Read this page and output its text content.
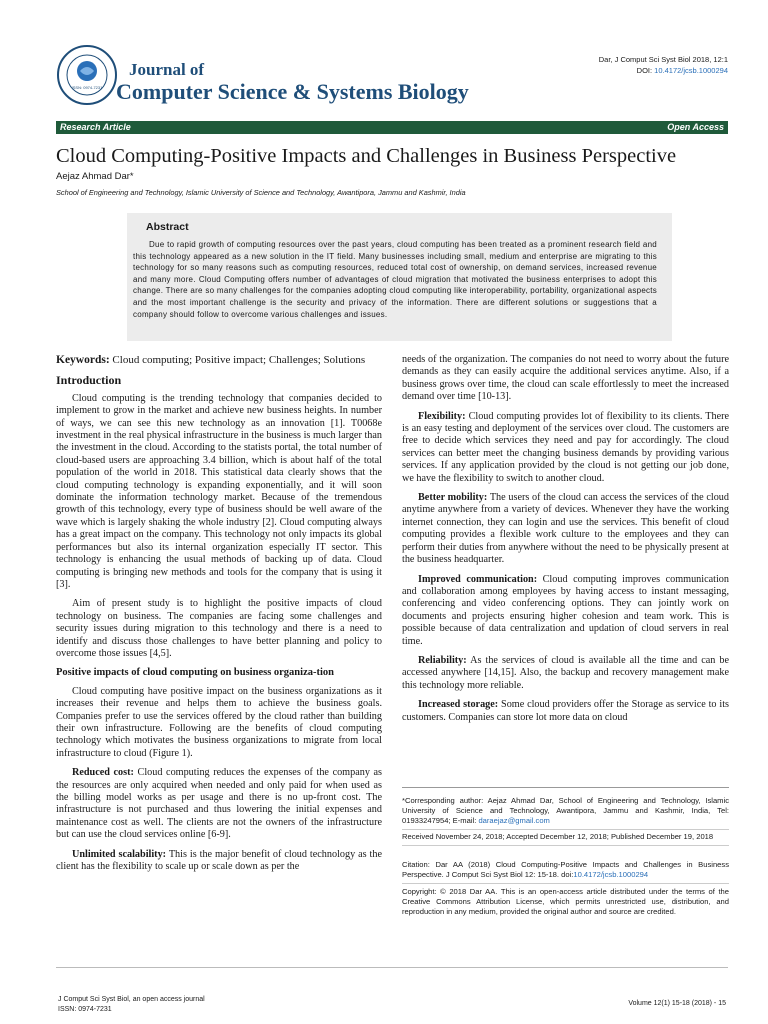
ISSN: 0974-7231
Journal of
Computer Science & Systems Biology
Dar, J Comput Sci Syst Biol 2018, 12:1
DOI: 10.4172/jcsb.1000294
Research Article	Open Access
Cloud Computing-Positive Impacts and Challenges in Business Perspective
Aejaz Ahmad Dar*
School of Engineering and Technology, Islamic University of Science and Technology, Awantipora, Jammu and Kashmir, India
Abstract
Due to rapid growth of computing resources over the past years, cloud computing has been treated as a prominent research field and this technology appeared as a new solution in the IT field. Many businesses including small, medium and enterprise are migrating to this technology for so many reasons such as computing resources, reduced total cost of ownership, on demand services, increased revenue and many more. Cloud Computing offers number of advantages of cloud migration that motivated the business enterprises to adopt this change. There are so many challenges for the companies adopting cloud computing like interoperability, portability, organizational aspects and the most important challenge is the security and privacy of the information. There are different solutions or suggestions that a company should follow to overcome various challenges and issues.
Keywords: Cloud computing; Positive impact; Challenges; Solutions
Introduction

Cloud computing is the trending technology that companies decided to implement to grow in the market and achieve new business heights. In number of ways, we can see this new technology as an innovation [1]. T0068e investment in the real physical infrastructure in the business is much larger than the investment in the cloud. According to the statists portal, the total number of cloud-based users are approaching 3.4 billion, which is about half of the total population of the world in 2018. This statistical data clearly shows that the cloud computing technology is expanding exponentially, and it will soon dominate the information technology market. Because of the tremendous growth of this technology, every type of business should be well aware of the wave which is largely shaking the whole industry [2]. Cloud computing always has a great impact on the company. This technology not only impacts its global performances but also its internal organization especially IT sector. This technology is enhancing the usual methods of backing up of data. Cloud computing is bringing new methods and tools for the company that is using it [3].

Aim of present study is to highlight the positive impacts of cloud technology on business. The companies are facing some challenges and security issues during migration to this technology and there is a need to identify and discuss those challenges to have better planning and policy to overcome those issues [4,5].

Positive impacts of cloud computing on business organiza-tion

Cloud computing have positive impact on the business organizations as it increases their revenue and helps them to achieve the business goals. Companies prefer to use the services offered by the cloud rather than building their own infrastructure. Following are the benefits of cloud computing technology which motivates the business organizations to migrate from local infrastructure to cloud (Figure 1).

Reduced cost: Cloud computing reduces the expenses of the company as the resources are only acquired when needed and only paid for when used as the billing model works as per usage and there is no up-front cost. The infrastructure is not purchased and thus lowering the initial expenses and maintenance cost as well. The clients are not the owners of the infrastructure but can use the cloud services online [6-9].

Unlimited scalability: This is the major benefit of cloud technology as the client has the flexibility to scale up or scale down as per the

needs of the organization. The companies do not need to worry about the future demands as they can easily acquire the additional services anytime. Also, if a business grows over time, the cloud can scale effortlessly to meet the increased demand over time [10-13].

Flexibility: Cloud computing provides lot of flexibility to its clients. There is an easy testing and deployment of the services over cloud. The customers are free to decide which services they need and pay for accordingly. The cloud services can better meet the changing business demands by providing various services. If any application provided by the cloud is not getting our job done, we have the flexibility to switch to another cloud.

Better mobility: The users of the cloud can access the services of the cloud anytime anywhere from a variety of devices. Whenever they have the working internet connection, they can login and use the services. This benefit of cloud computing provides a flexible work culture to the employees and they can perform their duties from anywhere without the need to be physically present at the business headquarter.

Improved communication: Cloud computing improves communication and collaboration among employees by having access to instant messaging, conferencing and video conferencing options. They can jointly work on documents and projects ensuring higher cohesion and team work. This is possible because of data centralization and updation of cloud servers in real time.

Reliability: As the services of cloud is available all the time and can be accessed anywhere [14,15]. Also, the backup and recovery management make this technology more reliable.

Increased storage: Some cloud providers offer the Storage as service to its customers. Companies can store lot more data on cloud

*Corresponding author: Aejaz Ahmad Dar, School of Engineering and Technology, Islamic University of Science and Technology, Awantipora, Jammu and Kashmir, India, Tel: 01933247954; E-mail: daraejaz@gmail.com
Received November 24, 2018; Accepted December 12, 2018; Published December 19, 2018
Citation: Dar AA (2018) Cloud Computing-Positive Impacts and Challenges in Business Perspective. J Comput Sci Syst Biol 12: 15-18. doi:10.4172/jcsb.1000294
Copyright: © 2018 Dar AA. This is an open-access article distributed under the terms of the Creative Commons Attribution License, which permits unrestricted use, distribution, and reproduction in any medium, provided the original author and source are credited.
J Comput Sci Syst Biol, an open access journal
ISSN: 0974-7231
Volume 12(1) 15-18 (2018) - 15
